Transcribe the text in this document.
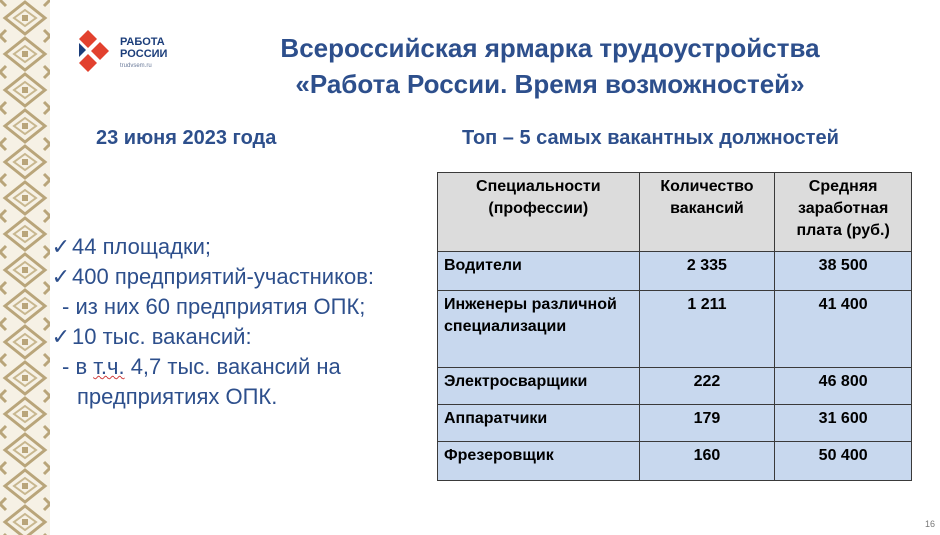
РАБОТА
РОССИИ
trudvsem.ru
Всероссийская ярмарка трудоустройства
«Работа России. Время возможностей»
23 июня 2023 года	Топ – 5 самых вакантных должностей
✓44 площадки;
✓400 предприятий-участников:
- из них 60 предприятия ОПК;
✓10 тыс. вакансий:
- в т.ч. 4,7 тыс. вакансий на
предприятиях ОПК.
Специальности (профессии)	Количество вакансий	Средняя заработная плата (руб.)
Водители	2 335	38 500
Инженеры различной специализации	1 211	41 400
Электросварщики	222	46 800
Аппаратчики	179	31 600
Фрезеровщик	160	50 400
16
